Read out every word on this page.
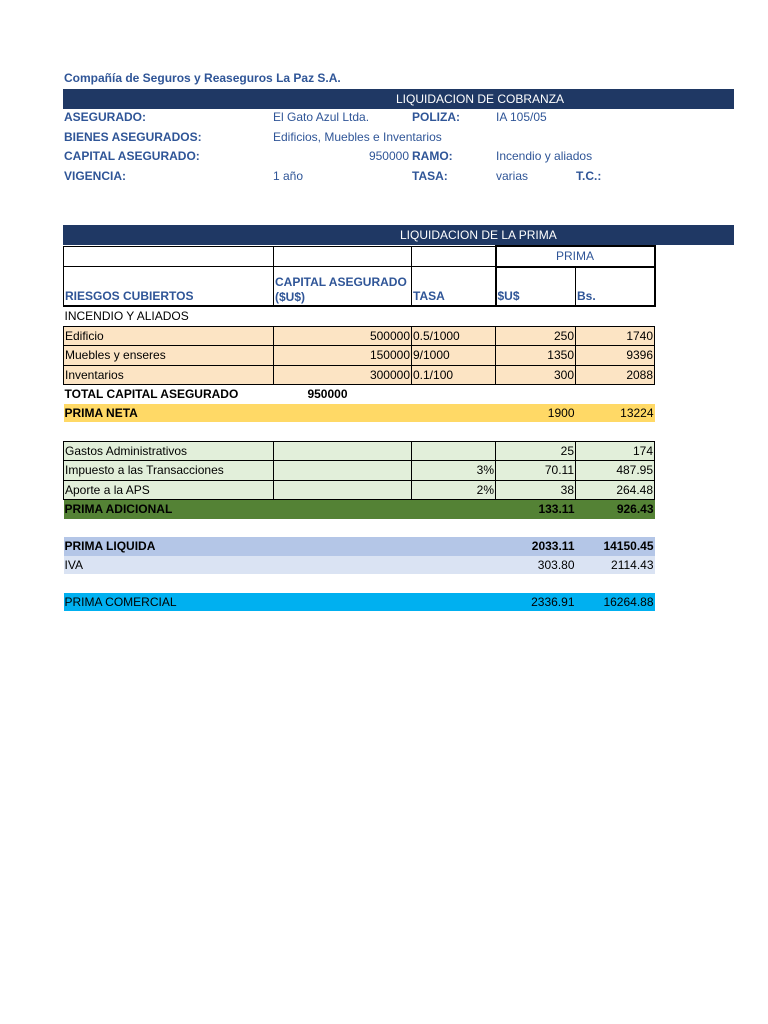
Compañía de Seguros y Reaseguros La Paz S.A.
LIQUIDACION DE COBRANZA
ASEGURADO:	El Gato Azul Ltda.	POLIZA:	IA 105/05
BIENES ASEGURADOS:	Edificios, Muebles e Inventarios
CAPITAL ASEGURADO:	950000 RAMO:	Incendio y aliados
VIGENCIA:	1 año	TASA:	varias	T.C.:
LIQUIDACION DE LA PRIMA
			PRIMA	
RIESGOS CUBIERTOS	CAPITAL ASEGURADO ($U$)	TASA	$U$	Bs.
INCENDIO Y ALIADOS				
Edificio	500000	0.5/1000	250	1740
Muebles y enseres	150000	9/1000	1350	9396
Inventarios	300000	0.1/100	300	2088
TOTAL CAPITAL ASEGURADO	950000			
PRIMA NETA			1900	13224

Gastos Administrativos			25	174
Impuesto a las Transacciones		3%	70.11	487.95
Aporte a la APS		2%	38	264.48
PRIMA ADICIONAL			133.11	926.43

PRIMA LIQUIDA			2033.11	14150.45
IVA			303.80	2114.43

PRIMA COMERCIAL			2336.91	16264.88
